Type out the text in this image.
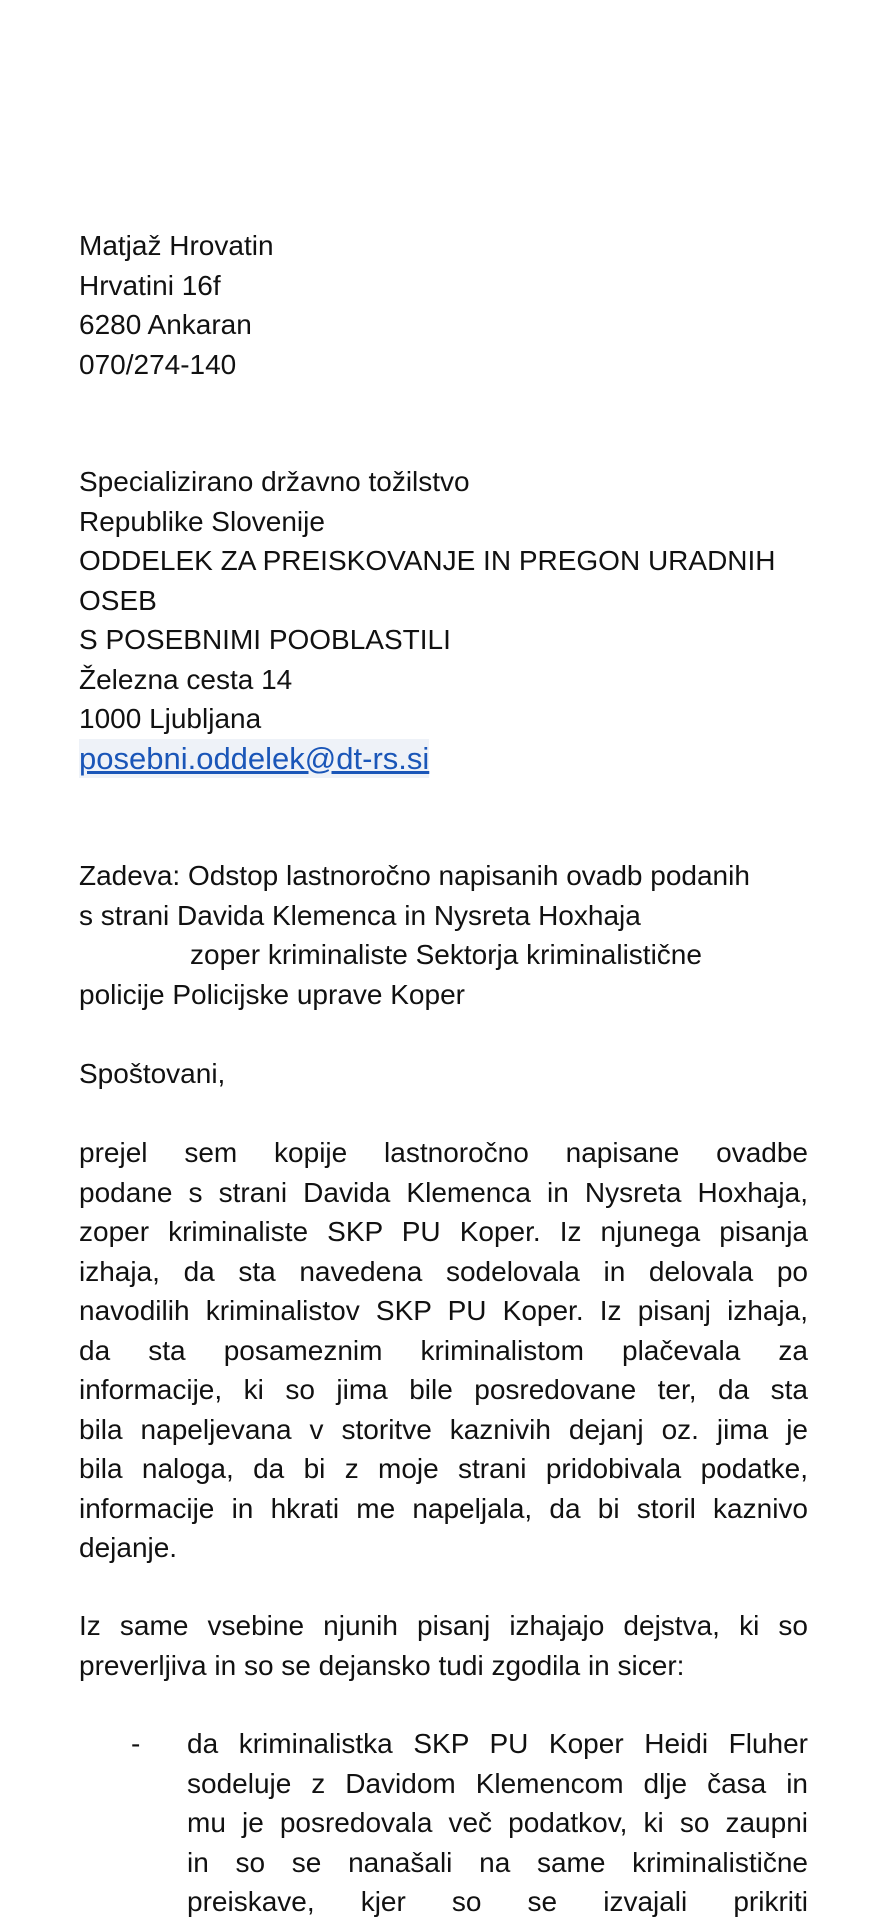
Matjaž Hrovatin
Hrvatini 16f
6280 Ankaran
070/274-140
Specializirano državno tožilstvo
Republike Slovenije
ODDELEK ZA PREISKOVANJE IN PREGON URADNIH
OSEB
S POSEBNIMI POOBLASTILI
Železna cesta 14
1000 Ljubljana
posebni.oddelek@dt-rs.si
Zadeva: Odstop lastnoročno napisanih ovadb podanih
s strani Davida Klemenca in Nysreta Hoxhaja
zoper kriminaliste Sektorja kriminalistične
policije Policijske uprave Koper
Spoštovani,
prejel sem kopije lastnoročno napisane ovadbe
podane s strani Davida Klemenca in Nysreta Hoxhaja,
zoper kriminaliste SKP PU Koper. Iz njunega pisanja
izhaja, da sta navedena sodelovala in delovala po
navodilih kriminalistov SKP PU Koper. Iz pisanj izhaja,
da sta posameznim kriminalistom plačevala za
informacije, ki so jima bile posredovane ter, da sta
bila napeljevana v storitve kaznivih dejanj oz. jima je
bila naloga, da bi z moje strani pridobivala podatke,
informacije in hkrati me napeljala, da bi storil kaznivo
dejanje.
Iz same vsebine njunih pisanj izhajajo dejstva, ki so
preverljiva in so se dejansko tudi zgodila in sicer:
- da kriminalistka SKP PU Koper Heidi Fluher
sodeluje z Davidom Klemencom dlje časa in
mu je posredovala več podatkov, ki so zaupni
in so se nanašali na same kriminalistične
preiskave, kjer so se izvajali prikriti
